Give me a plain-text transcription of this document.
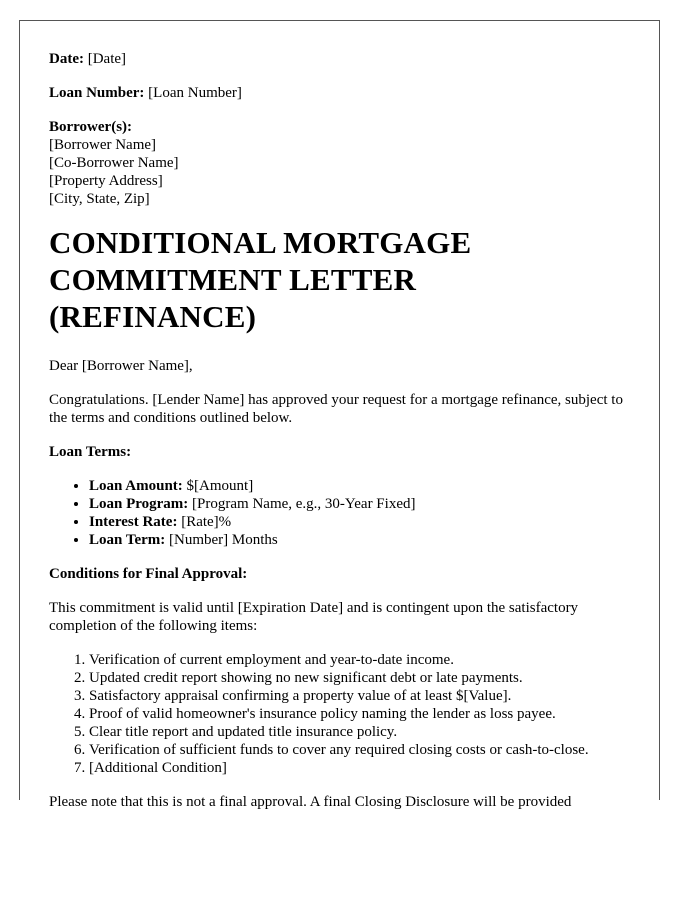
Date: [Date]

Loan Number: [Loan Number]

Borrower(s):
[Borrower Name]
[Co-Borrower Name]
[Property Address]
[City, State, Zip]

CONDITIONAL MORTGAGE COMMITMENT LETTER (REFINANCE)

Dear [Borrower Name],

Congratulations. [Lender Name] has approved your request for a mortgage refinance, subject to the terms and conditions outlined below.

Loan Terms:

• Loan Amount: $[Amount]
• Loan Program: [Program Name, e.g., 30-Year Fixed]
• Interest Rate: [Rate]%
• Loan Term: [Number] Months

Conditions for Final Approval:

This commitment is valid until [Expiration Date] and is contingent upon the satisfactory completion of the following items:

1. Verification of current employment and year-to-date income.
2. Updated credit report showing no new significant debt or late payments.
3. Satisfactory appraisal confirming a property value of at least $[Value].
4. Proof of valid homeowner's insurance policy naming the lender as loss payee.
5. Clear title report and updated title insurance policy.
6. Verification of sufficient funds to cover any required closing costs or cash-to-close.
7. [Additional Condition]

Please note that this is not a final approval. A final Closing Disclosure will be provided
